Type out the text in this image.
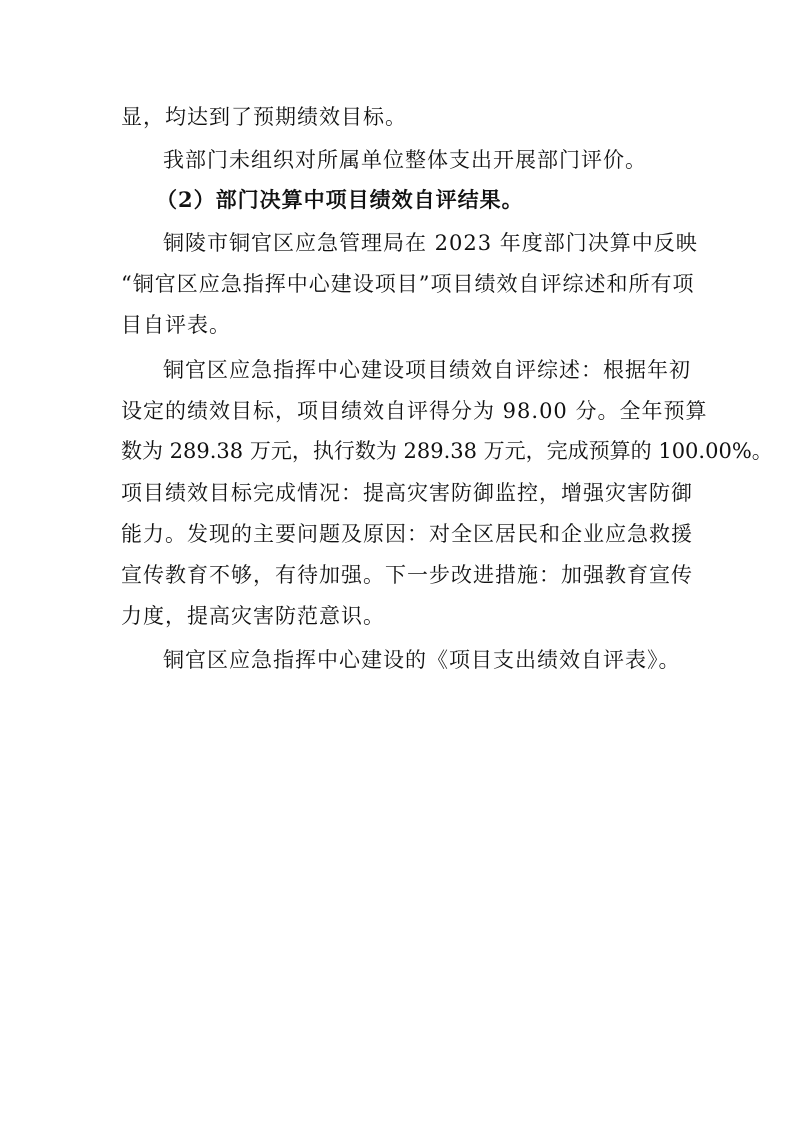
显，均达到了预期绩效目标。
我部门未组织对所属单位整体支出开展部门评价。
（2）部门决算中项目绩效自评结果。
铜陵市铜官区应急管理局在 2023 年度部门决算中反映
“铜官区应急指挥中心建设项目”项目绩效自评综述和所有项
目自评表。
铜官区应急指挥中心建设项目绩效自评综述：根据年初
设定的绩效目标，项目绩效自评得分为 98.00 分。全年预算
数为 289.38 万元，执行数为 289.38 万元，完成预算的 100.00%。
项目绩效目标完成情况：提高灾害防御监控，增强灾害防御
能力。发现的主要问题及原因：对全区居民和企业应急救援
宣传教育不够，有待加强。下一步改进措施：加强教育宣传
力度，提高灾害防范意识。
铜官区应急指挥中心建设的《项目支出绩效自评表》。
